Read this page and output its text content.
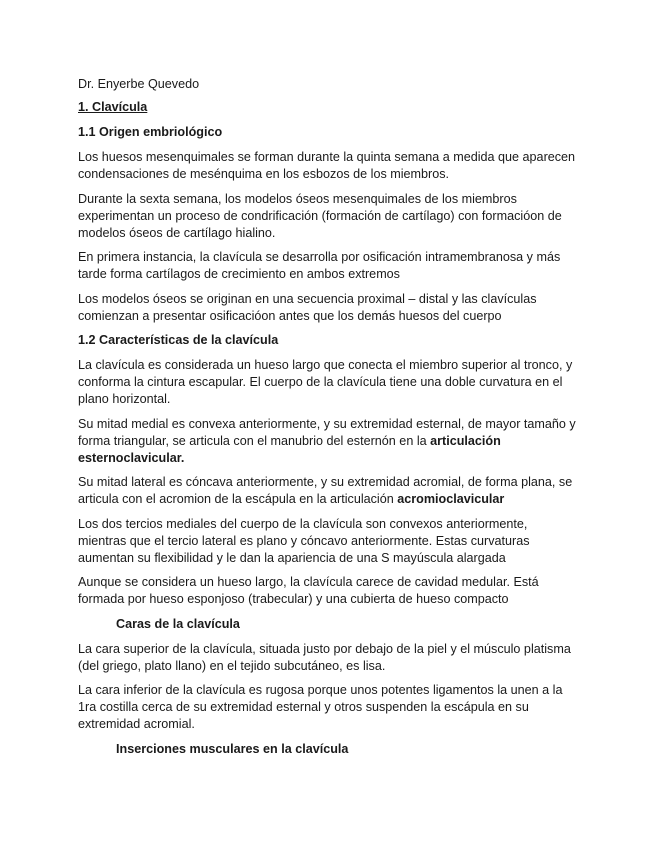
Dr. Enyerbe Quevedo

1. Clavícula

1.1 Origen embriológico

Los huesos mesenquimales se forman durante la quinta semana a medida que aparecen condensaciones de mesénquima en los esbozos de los miembros.

Durante la sexta semana, los modelos óseos mesenquimales de los miembros experimentan un proceso de condrificación (formación de cartílago) con formacióon de modelos óseos de cartílago hialino.

En primera instancia, la clavícula se desarrolla por osificación intramembranosa y más tarde forma cartílagos de crecimiento en ambos extremos

Los modelos óseos se originan en una secuencia proximal – distal y las clavículas comienzan a presentar osificacióon antes que los demás huesos del cuerpo

1.2 Características de la clavícula

La clavícula es considerada un hueso largo que conecta el miembro superior al tronco, y conforma la cintura escapular. El cuerpo de la clavícula tiene una doble curvatura en el plano horizontal.

Su mitad medial es convexa anteriormente, y su extremidad esternal, de mayor tamaño y forma triangular, se articula con el manubrio del esternón en la articulación esternoclavicular.

Su mitad lateral es cóncava anteriormente, y su extremidad acromial, de forma plana, se articula con el acromion de la escápula en la articulación acromioclavicular

Los dos tercios mediales del cuerpo de la clavícula son convexos anteriormente, mientras que el tercio lateral es plano y cóncavo anteriormente. Estas curvaturas aumentan su flexibilidad y le dan la apariencia de una S mayúscula alargada

Aunque se considera un hueso largo, la clavícula carece de cavidad medular. Está formada por hueso esponjoso (trabecular) y una cubierta de hueso compacto

Caras de la clavícula

La cara superior de la clavícula, situada justo por debajo de la piel y el músculo platisma (del griego, plato llano) en el tejido subcutáneo, es lisa.

La cara inferior de la clavícula es rugosa porque unos potentes ligamentos la unen a la 1ra costilla cerca de su extremidad esternal y otros suspenden la escápula en su extremidad acromial.

Inserciones musculares en la clavícula
